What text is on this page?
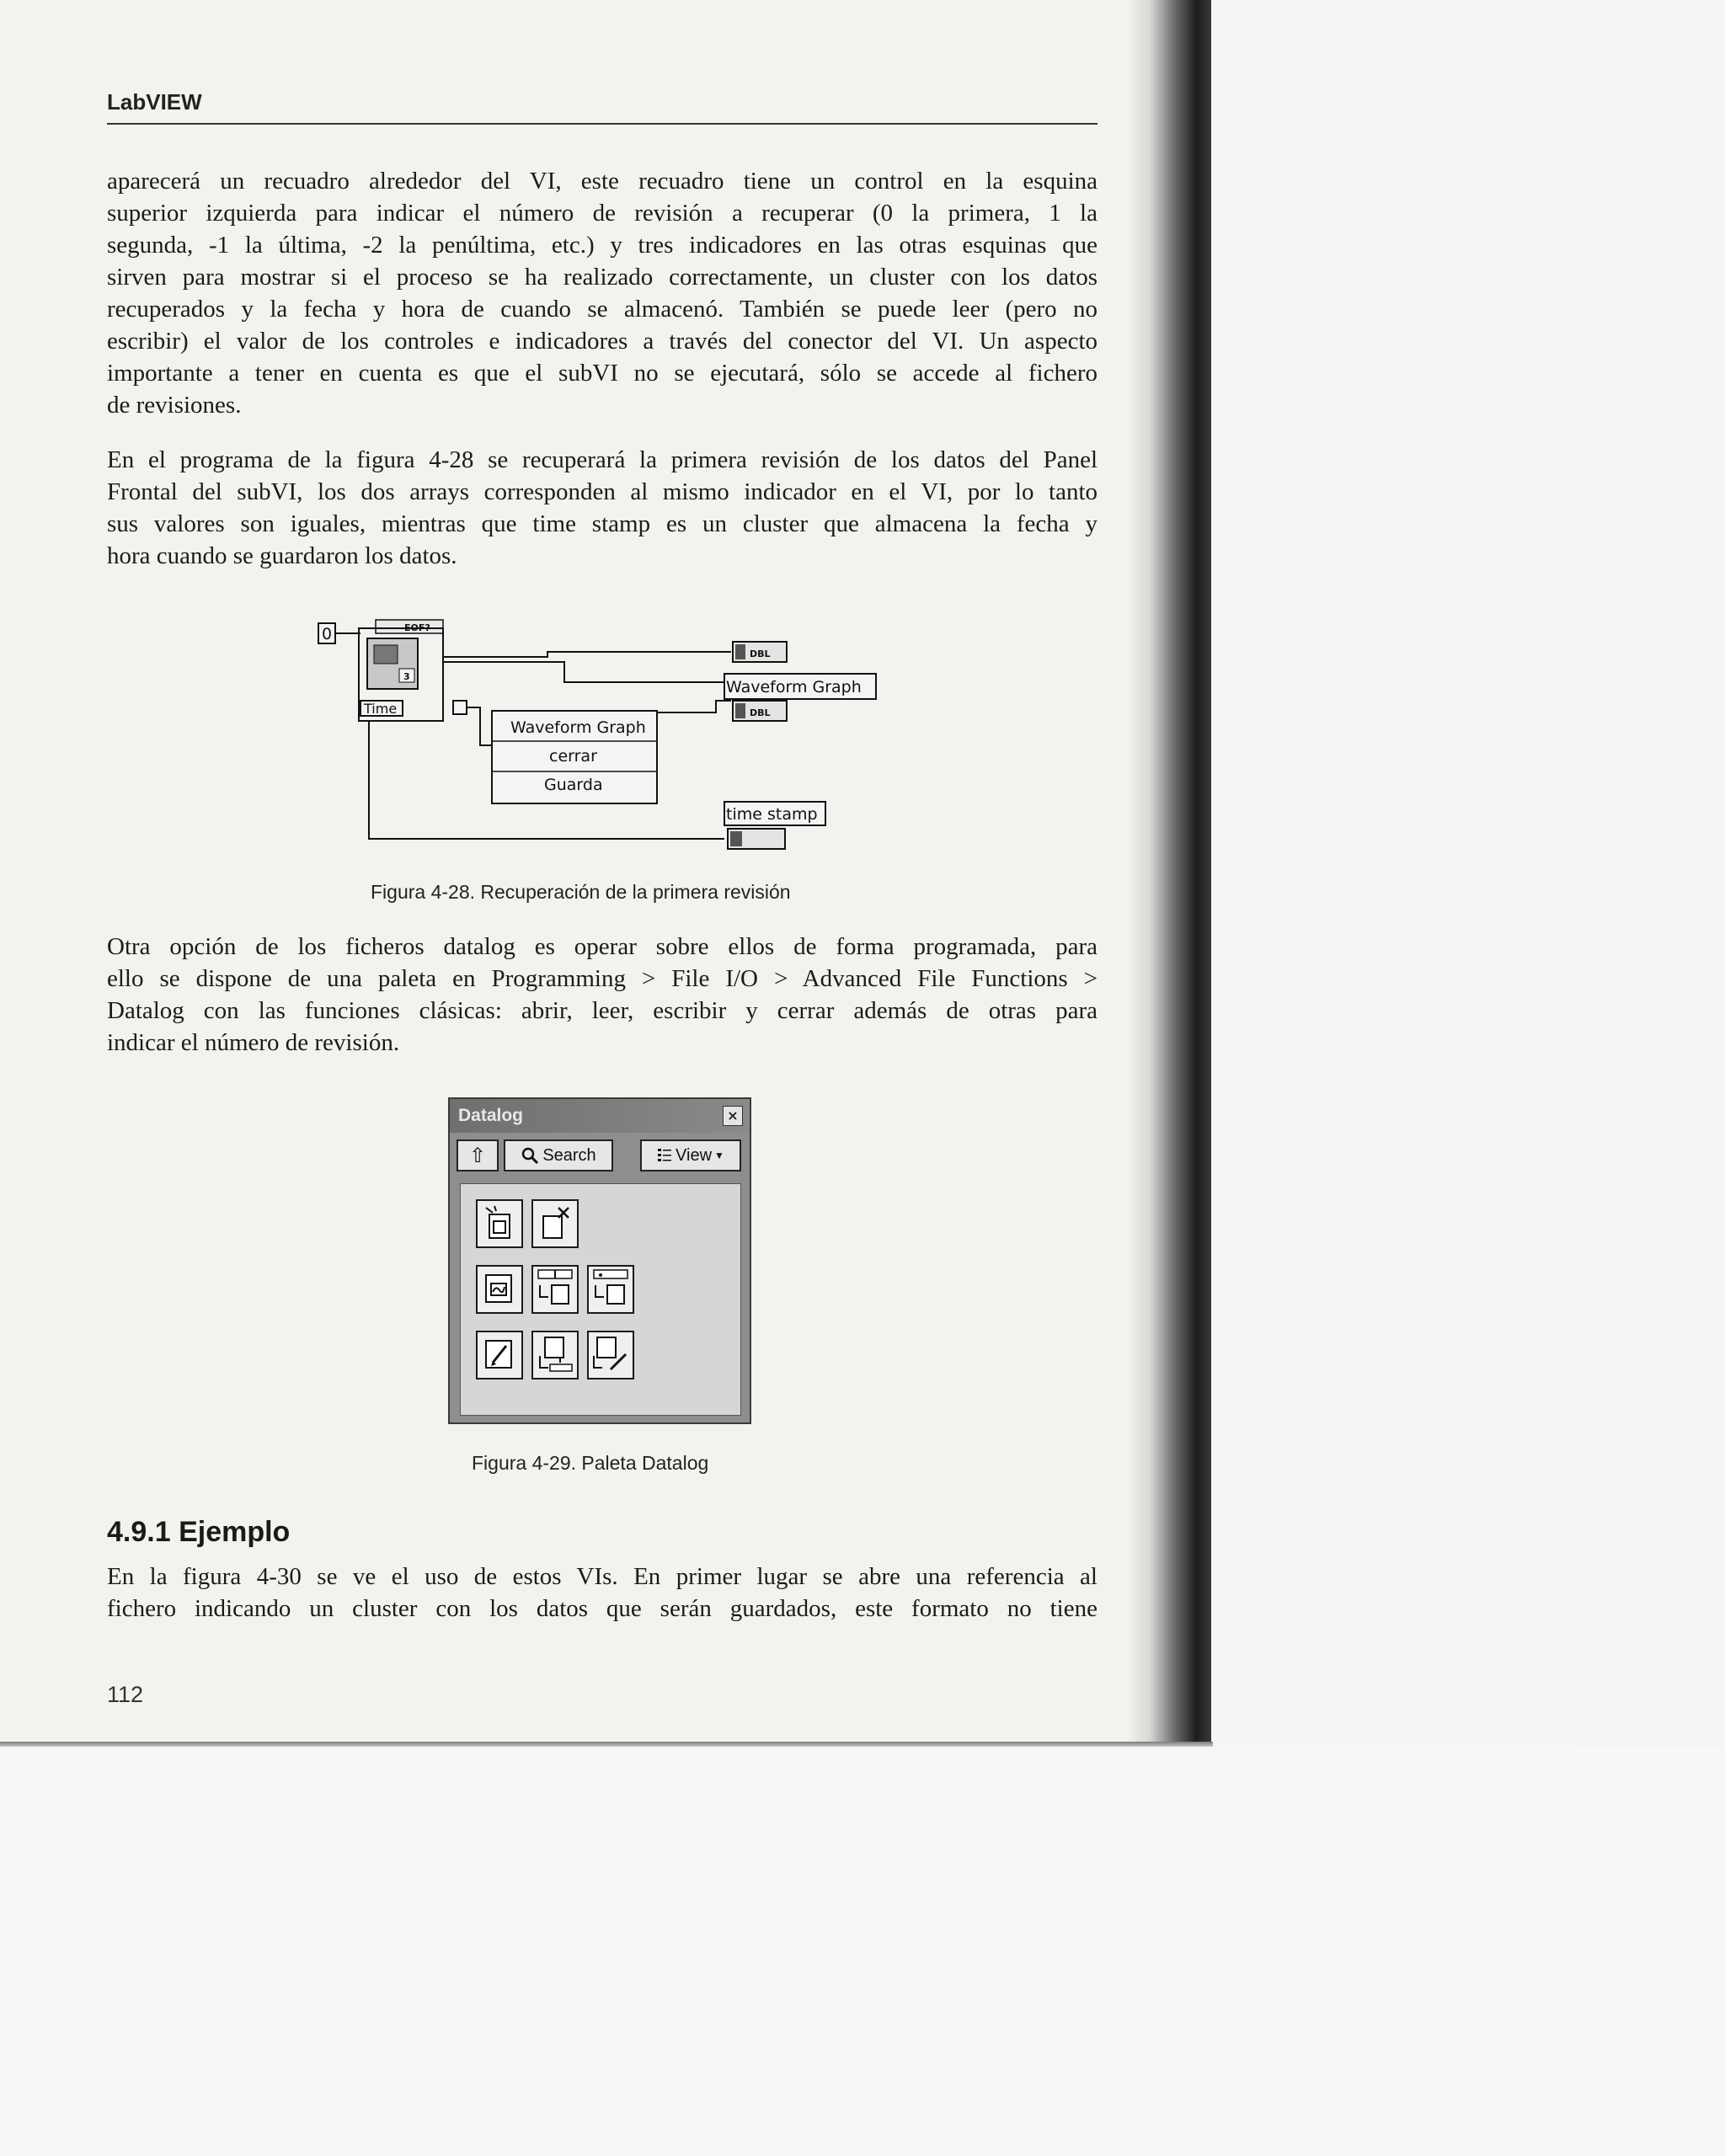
LabVIEW

aparecerá un recuadro alrededor del VI, este recuadro tiene un control en la esquina
superior izquierda para indicar el número de revisión a recuperar (0 la primera, 1 la
segunda, -1 la última, -2 la penúltima, etc.) y tres indicadores en las otras esquinas que
sirven para mostrar si el proceso se ha realizado correctamente, un cluster con los datos
recuperados y la fecha y hora de cuando se almacenó. También se puede leer (pero no
escribir) el valor de los controles e indicadores a través del conector del VI. Un aspecto
importante a tener en cuenta es que el subVI no se ejecutará, sólo se accede al fichero
de revisiones.

En el programa de la figura 4-28 se recuperará la primera revisión de los datos del Panel
Frontal del subVI, los dos arrays corresponden al mismo indicador en el VI, por lo tanto
sus valores son iguales, mientras que time stamp es un cluster que almacena la fecha y
hora cuando se guardaron los datos.

0	EOF?
3
Time
Waveform Graph
cerrar
Guarda
DBL
Waveform Graph
DBL
time stamp
Figura 4-28. Recuperación de la primera revisión

Otra opción de los ficheros datalog es operar sobre ellos de forma programada, para
ello se dispone de una paleta en Programming > File I/O > Advanced File Functions >
Datalog con las funciones clásicas: abrir, leer, escribir y cerrar además de otras para
indicar el número de revisión.

Datalog	×
⇧	Search	View ▼
Figura 4-29. Paleta Datalog
4.9.1 Ejemplo

En la figura 4-30 se ve el uso de estos VIs. En primer lugar se abre una referencia al
fichero indicando un cluster con los datos que serán guardados, este formato no tiene

112
